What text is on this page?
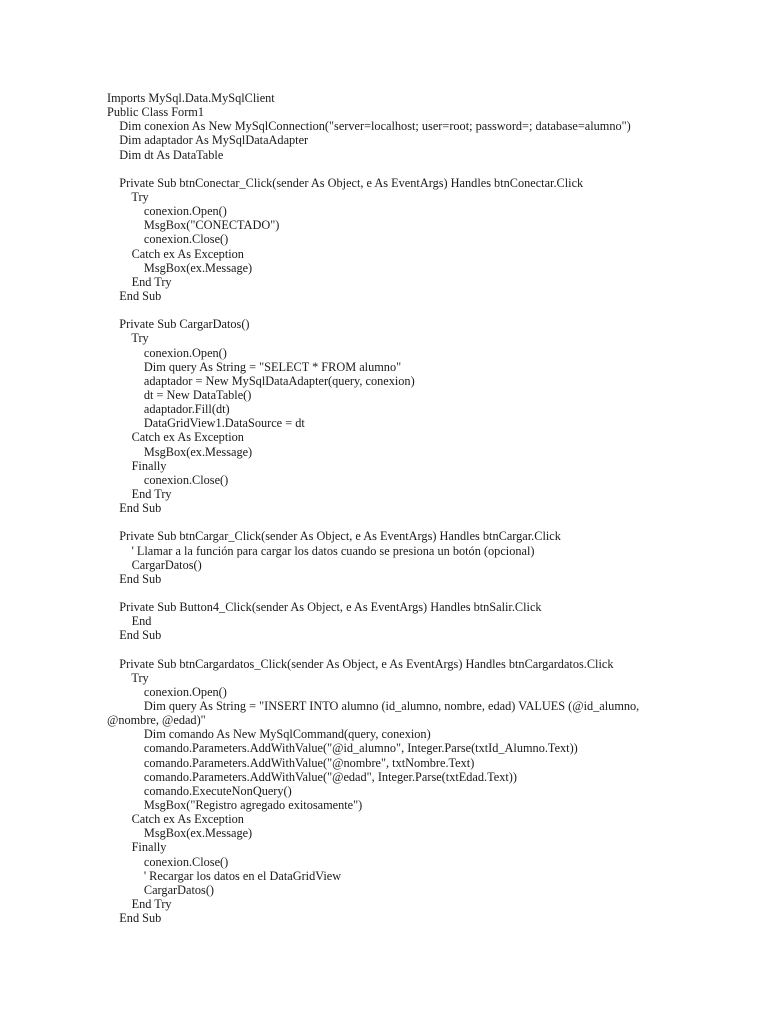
Imports MySql.Data.MySqlClient
Public Class Form1
Dim conexion As New MySqlConnection("server=localhost; user=root; password=; database=alumno")
Dim adaptador As MySqlDataAdapter
Dim dt As DataTable
Private Sub btnConectar_Click(sender As Object, e As EventArgs) Handles btnConectar.Click
Try
conexion.Open()
MsgBox("CONECTADO")
conexion.Close()
Catch ex As Exception
MsgBox(ex.Message)
End Try
End Sub
Private Sub CargarDatos()
Try
conexion.Open()
Dim query As String = "SELECT * FROM alumno"
adaptador = New MySqlDataAdapter(query, conexion)
dt = New DataTable()
adaptador.Fill(dt)
DataGridView1.DataSource = dt
Catch ex As Exception
MsgBox(ex.Message)
Finally
conexion.Close()
End Try
End Sub
Private Sub btnCargar_Click(sender As Object, e As EventArgs) Handles btnCargar.Click
' Llamar a la función para cargar los datos cuando se presiona un botón (opcional)
CargarDatos()
End Sub
Private Sub Button4_Click(sender As Object, e As EventArgs) Handles btnSalir.Click
End
End Sub
Private Sub btnCargardatos_Click(sender As Object, e As EventArgs) Handles btnCargardatos.Click
Try
conexion.Open()
Dim query As String = "INSERT INTO alumno (id_alumno, nombre, edad) VALUES (@id_alumno,
@nombre, @edad)"
Dim comando As New MySqlCommand(query, conexion)
comando.Parameters.AddWithValue("@id_alumno", Integer.Parse(txtId_Alumno.Text))
comando.Parameters.AddWithValue("@nombre", txtNombre.Text)
comando.Parameters.AddWithValue("@edad", Integer.Parse(txtEdad.Text))
comando.ExecuteNonQuery()
MsgBox("Registro agregado exitosamente")
Catch ex As Exception
MsgBox(ex.Message)
Finally
conexion.Close()
' Recargar los datos en el DataGridView
CargarDatos()
End Try
End Sub
